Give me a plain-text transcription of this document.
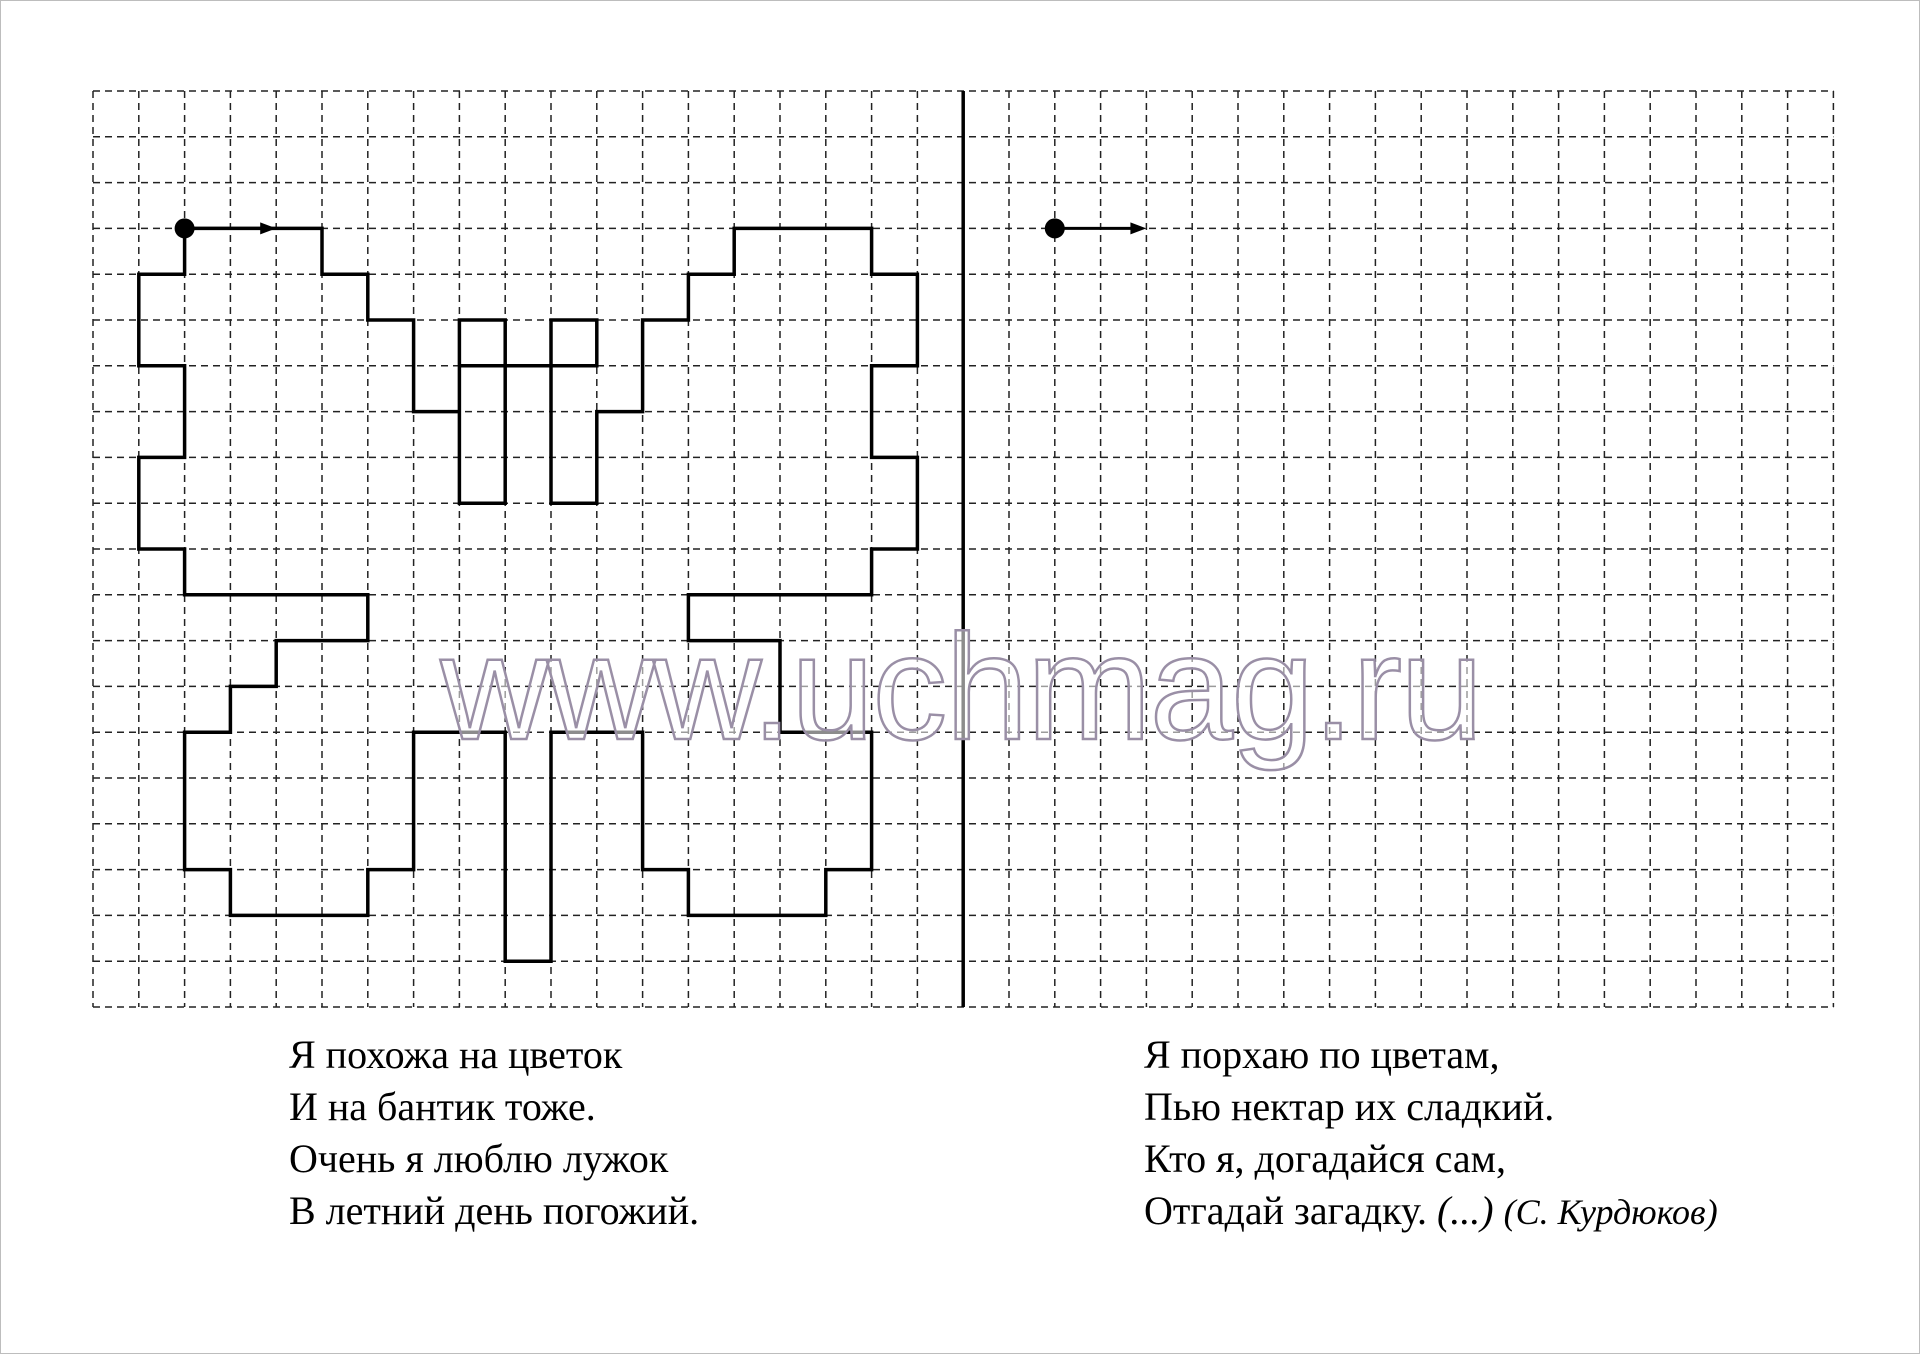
www.uchmag.ru
Я похожа на цветок
И на бантик тоже.
Очень я люблю лужок
В летний день погожий.
Я порхаю по цветам,
Пью нектар их сладкий.
Кто я, догадайся сам,
Отгадай загадку. (...) (С. Курдюков)
